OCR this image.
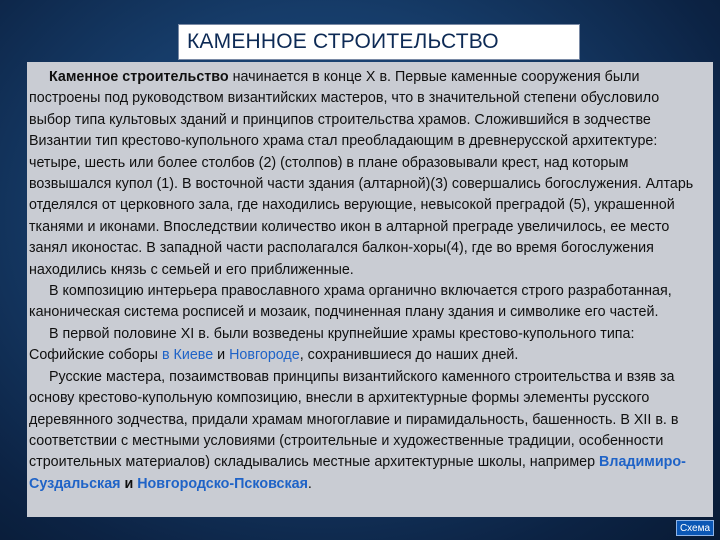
КАМЕННОЕ СТРОИТЕЛЬСТВО

Каменное строительство начинается в конце X в. Первые каменные сооружения были построены под руководством византийских мастеров, что в значительной степени обусловило выбор типа культовых зданий и принципов строительства храмов. Сложившийся в зодчестве Византии тип крестово-купольного храма стал преобладающим в древнерусской архитектуре: четыре, шесть или более столбов (2) (столпов) в плане образовывали крест, над которым возвышался купол (1). В восточной части здания (алтарной)(3) совершались богослужения. Алтарь отделялся от церковного зала, где находились верующие, невысокой преградой (5), украшенной тканями и иконами. Впоследствии количество икон в алтарной преграде увеличилось, ее место занял иконостас. В западной части располагался балкон-хоры(4), где во время богослужения находились князь с семьей и его приближенные.

В композицию интерьера православного храма органично включается строго разработанная, каноническая система росписей и мозаик, подчиненная плану здания и символике его частей.

В первой половине XI в. были возведены крупнейшие храмы крестово-купольного типа: Софийские соборы в Киеве и Новгороде, сохранившиеся до наших дней.

Русские мастера, позаимствовав принципы византийского каменного строительства и взяв за основу крестово-купольную композицию, внесли в архитектурные формы элементы русского деревянного зодчества, придали храмам многоглавие и пирамидальность, башенность. В XII в. в соответствии с местными условиями (строительные и художественные традиции, особенности строительных материалов) складывались местные архитектурные школы, например Владимиро-Суздальская и Новгородско-Псковская.

Схема
